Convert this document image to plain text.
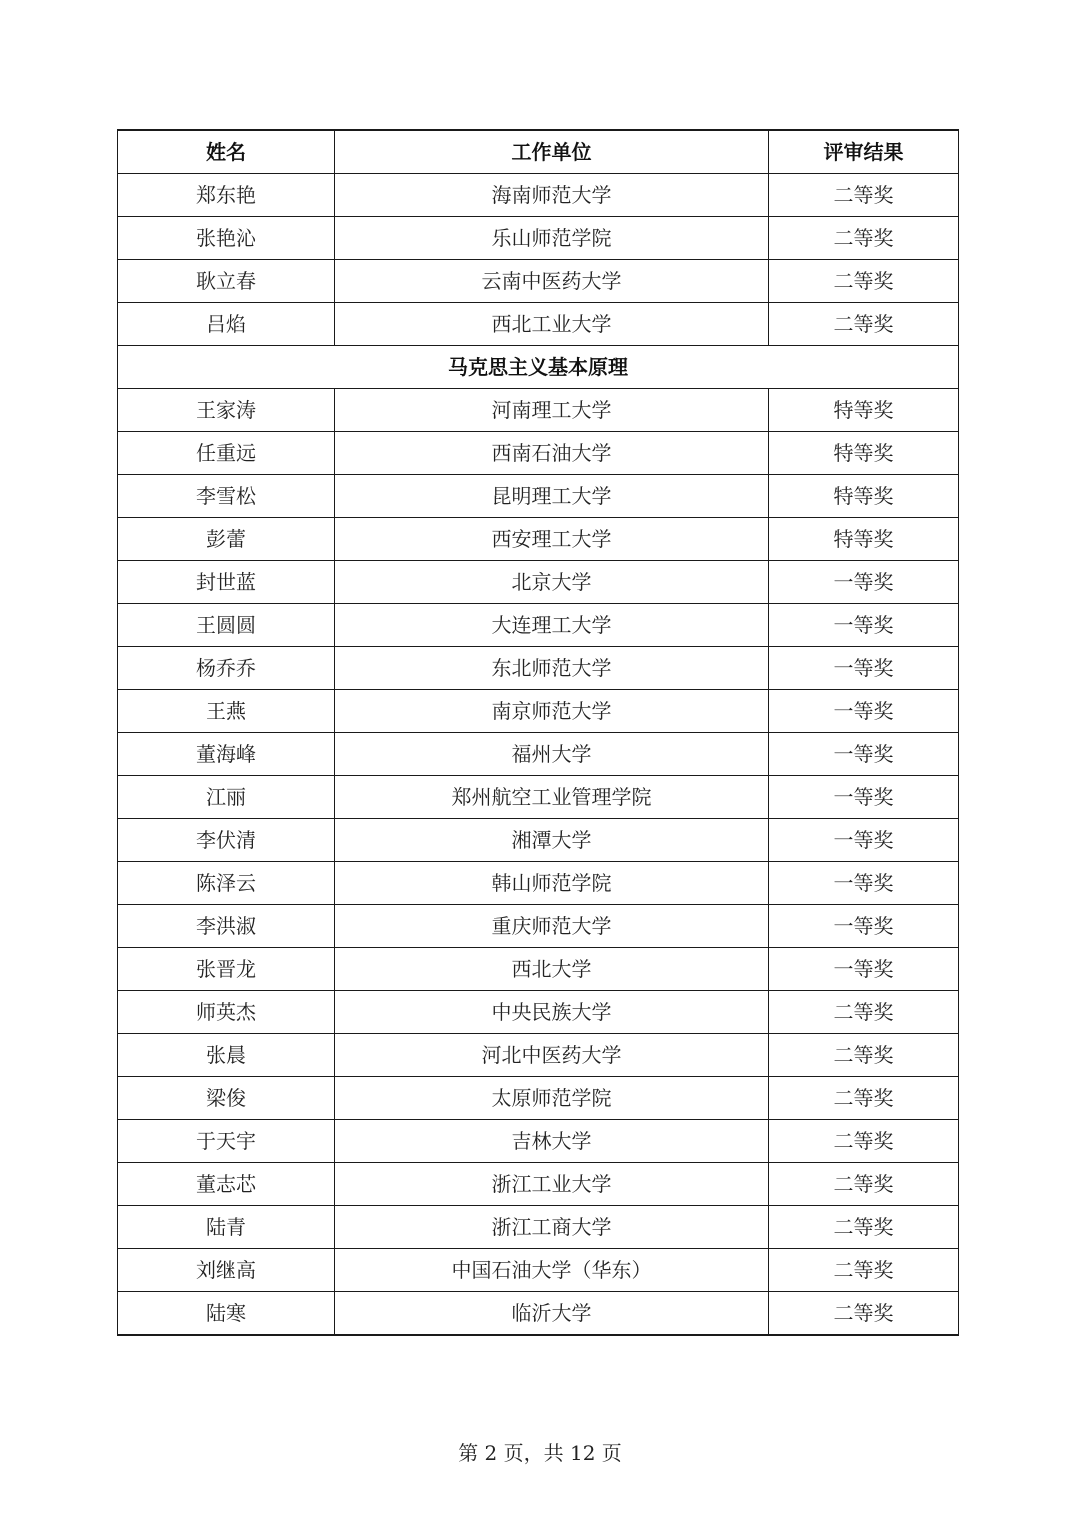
姓名	工作单位	评审结果
郑东艳	海南师范大学	二等奖
张艳沁	乐山师范学院	二等奖
耿立春	云南中医药大学	二等奖
吕焰	西北工业大学	二等奖
马克思主义基本原理		
王家涛	河南理工大学	特等奖
任重远	西南石油大学	特等奖
李雪松	昆明理工大学	特等奖
彭蕾	西安理工大学	特等奖
封世蓝	北京大学	一等奖
王圆圆	大连理工大学	一等奖
杨乔乔	东北师范大学	一等奖
王燕	南京师范大学	一等奖
董海峰	福州大学	一等奖
江丽	郑州航空工业管理学院	一等奖
李伏清	湘潭大学	一等奖
陈泽云	韩山师范学院	一等奖
李洪淑	重庆师范大学	一等奖
张晋龙	西北大学	一等奖
师英杰	中央民族大学	二等奖
张晨	河北中医药大学	二等奖
梁俊	太原师范学院	二等奖
于天宇	吉林大学	二等奖
董志芯	浙江工业大学	二等奖
陆青	浙江工商大学	二等奖
刘继高	中国石油大学（华东）	二等奖
陆寒	临沂大学	二等奖
第 2 页，共 12 页
